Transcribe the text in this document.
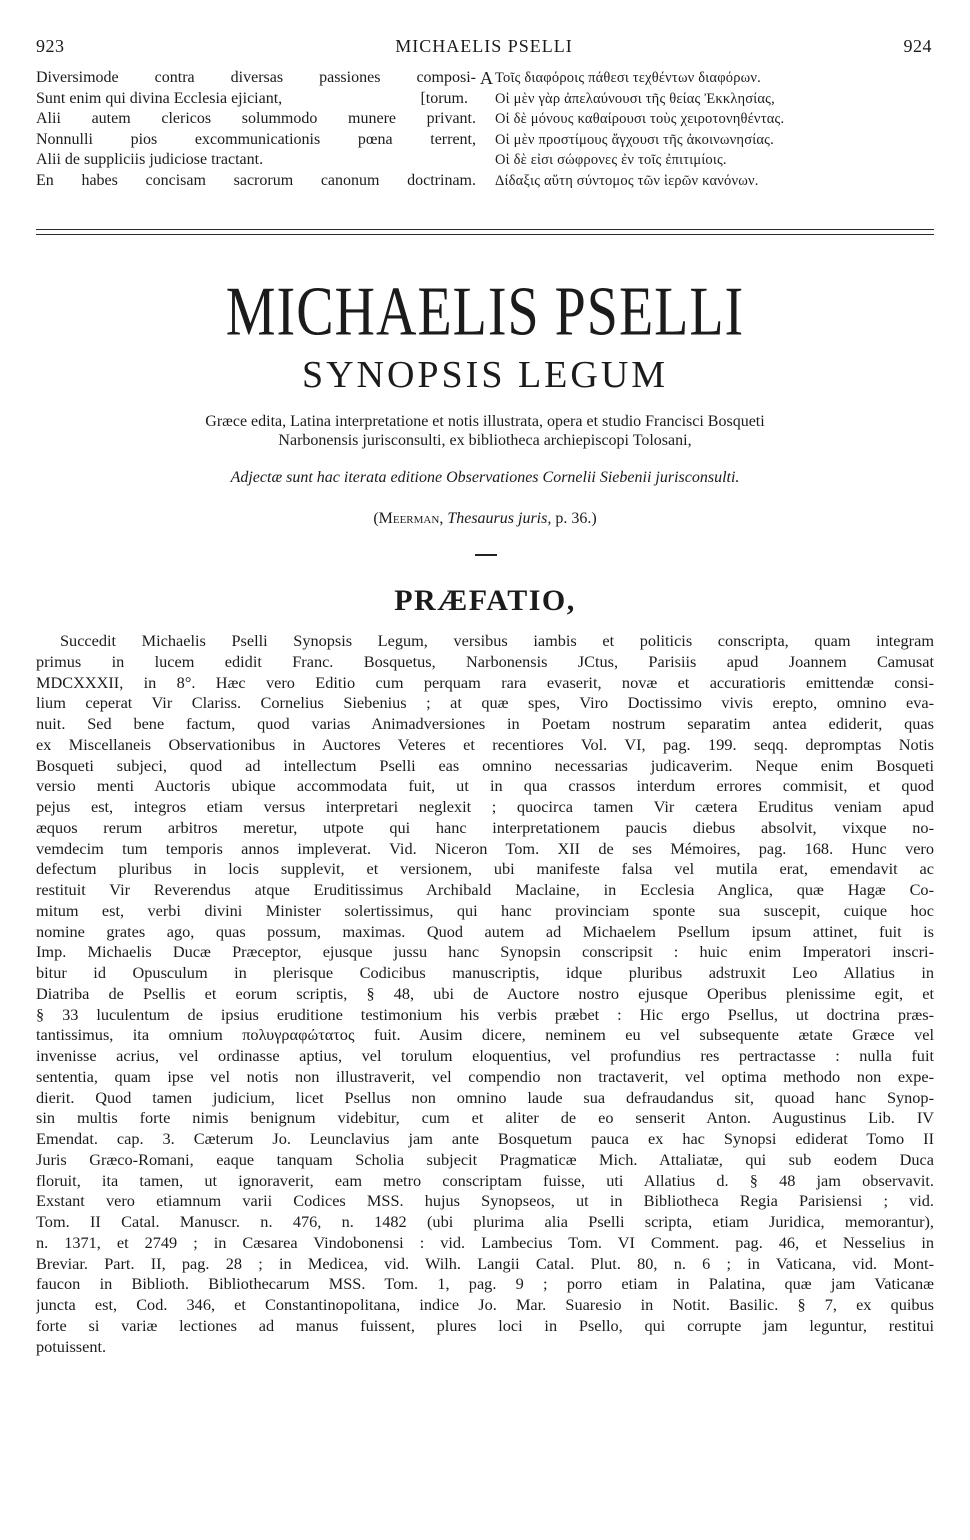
923	MICHAELIS PSELLI	924
Diversimode contra diversas passiones composi-
Sunt enim qui divina Ecclesia ejiciant,	[torum.
Alii autem clericos solummodo munere privant.
Nonnulli pios excommunicationis pœna terrent,
Alii de suppliciis judiciose tractant.
En habes concisam sacrorum canonum doctrinam.
A Τοῖς διαφόροις πάθεσι τεχθέντων διαφόρων.
Οἱ μὲν γὰρ ἀπελαύνουσι τῆς θείας Ἐκκλησίας,
Οἱ δὲ μόνους καθαίρουσι τοὺς χειροτονηθέντας.
Οἱ μὲν προστίμους ἄγχουσι τῆς ἀκοινωνησίας.
Οἱ δὲ εἰσι σώφρονες ἐν τοῖς ἐπιτιμίοις.
Δίδαξις αὕτη σύντομος τῶν ἱερῶν κανόνων.
MICHAELIS PSELLI
SYNOPSIS LEGUM
Græce edita, Latina interpretatione et notis illustrata, opera et studio Francisci Bosqueti
Narbonensis jurisconsulti, ex bibliotheca archiepiscopi Tolosani,
Adjectæ sunt hac iterata editione Observationes Cornelii Siebenii jurisconsulti.
(Meerman, Thesaurus juris, p. 36.)
PRÆFATIO,
Succedit Michaelis Pselli Synopsis Legum, versibus iambis et politicis conscripta, quam integram
primus in lucem edidit Franc. Bosquetus, Narbonensis JCtus, Parisiis apud Joannem Camusat
MDCXXXII, in 8°. Hæc vero Editio cum perquam rara evaserit, novæ et accuratioris emittendæ consi-
lium ceperat Vir Clariss. Cornelius Siebenius ; at quæ spes, Viro Doctissimo vivis erepto, omnino eva-
nuit. Sed bene factum, quod varias Animadversiones in Poetam nostrum separatim antea ediderit, quas
ex Miscellaneis Observationibus in Auctores Veteres et recentiores Vol. VI, pag. 199. seqq. depromptas Notis
Bosqueti subjeci, quod ad intellectum Pselli eas omnino necessarias judicaverim. Neque enim Bosqueti
versio menti Auctoris ubique accommodata fuit, ut in qua crassos interdum errores commisit, et quod
pejus est, integros etiam versus interpretari neglexit ; quocirca tamen Vir cætera Eruditus veniam apud
æquos rerum arbitros meretur, utpote qui hanc interpretationem paucis diebus absolvit, vixque no-
vemdecim tum temporis annos impleverat. Vid. Niceron Tom. XII de ses Mémoires, pag. 168. Hunc vero
defectum pluribus in locis supplevit, et versionem, ubi manifeste falsa vel mutila erat, emendavit ac
restituit Vir Reverendus atque Eruditissimus Archibald Maclaine, in Ecclesia Anglica, quæ Hagæ Co-
mitum est, verbi divini Minister solertissimus, qui hanc provinciam sponte sua suscepit, cuique hoc
nomine grates ago, quas possum, maximas. Quod autem ad Michaelem Psellum ipsum attinet, fuit is
Imp. Michaelis Ducæ Præceptor, ejusque jussu hanc Synopsin conscripsit : huic enim Imperatori inscri-
bitur id Opusculum in plerisque Codicibus manuscriptis, idque pluribus adstruxit Leo Allatius in
Diatriba de Psellis et eorum scriptis, § 48, ubi de Auctore nostro ejusque Operibus plenissime egit, et
§ 33 luculentum de ipsius eruditione testimonium his verbis præbet : Hic ergo Psellus, ut doctrina præs-
tantissimus, ita omnium πολυγραφώτατος fuit. Ausim dicere, neminem eu vel subsequente ætate Græce vel
invenisse acrius, vel ordinasse aptius, vel torulum eloquentius, vel profundius res pertractasse : nulla fuit
sententia, quam ipse vel notis non illustraverit, vel compendio non tractaverit, vel optima methodo non expe-
dierit. Quod tamen judicium, licet Psellus non omnino laude sua defraudandus sit, quoad hanc Synop-
sin multis forte nimis benignum videbitur, cum et aliter de eo senserit Anton. Augustinus Lib. IV
Emendat. cap. 3. Cæterum Jo. Leunclavius jam ante Bosquetum pauca ex hac Synopsi ediderat Tomo II
Juris Græco-Romani, eaque tanquam Scholia subjecit Pragmaticæ Mich. Attaliatæ, qui sub eodem Duca
floruit, ita tamen, ut ignoraverit, eam metro conscriptam fuisse, uti Allatius d. § 48 jam observavit.
Exstant vero etiamnum varii Codices MSS. hujus Synopseos, ut in Bibliotheca Regia Parisiensi ; vid.
Tom. II Catal. Manuscr. n. 476, n. 1482 (ubi plurima alia Pselli scripta, etiam Juridica, memorantur),
n. 1371, et 2749 ; in Cæsarea Vindobonensi : vid. Lambecius Tom. VI Comment. pag. 46, et Nesselius in
Breviar. Part. II, pag. 28 ; in Medicea, vid. Wilh. Langii Catal. Plut. 80, n. 6 ; in Vaticana, vid. Mont-
faucon in Biblioth. Bibliothecarum MSS. Tom. 1, pag. 9 ; porro etiam in Palatina, quæ jam Vaticanæ
juncta est, Cod. 346, et Constantinopolitana, indice Jo. Mar. Suaresio in Notit. Basilic. § 7, ex quibus
forte si variæ lectiones ad manus fuissent, plures loci in Psello, qui corrupte jam leguntur, restitui
potuissent.
